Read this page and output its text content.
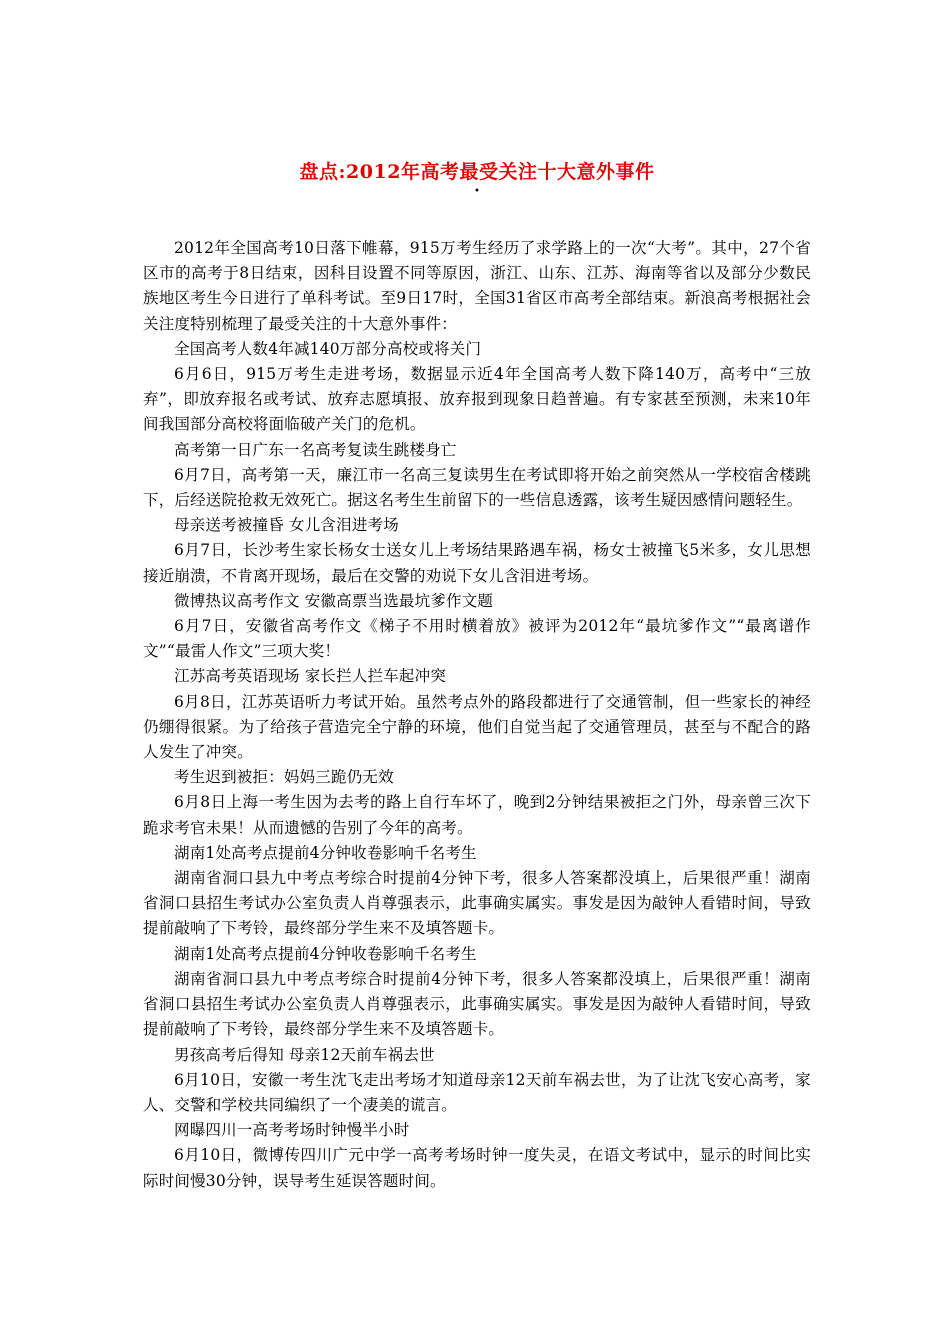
盘点:2012年高考最受关注十大意外事件
•

2012年全国高考10日落下帷幕，915万考生经历了求学路上的一次“大考”。其中，27个省区市的高考于8日结束，因科目设置不同等原因，浙江、山东、江苏、海南等省以及部分少数民族地区考生今日进行了单科考试。至9日17时，全国31省区市高考全部结束。新浪高考根据社会关注度特别梳理了最受关注的十大意外事件：

全国高考人数4年减140万部分高校或将关门

6月6日，915万考生走进考场，数据显示近4年全国高考人数下降140万，高考中“三放弃”，即放弃报名或考试、放弃志愿填报、放弃报到现象日趋普遍。有专家甚至预测，未来10年间我国部分高校将面临破产关门的危机。

高考第一日广东一名高考复读生跳楼身亡

6月7日，高考第一天，廉江市一名高三复读男生在考试即将开始之前突然从一学校宿舍楼跳下，后经送院抢救无效死亡。据这名考生生前留下的一些信息透露，该考生疑因感情问题轻生。

母亲送考被撞昏 女儿含泪进考场

6月7日，长沙考生家长杨女士送女儿上考场结果路遇车祸，杨女士被撞飞5米多，女儿思想接近崩溃，不肯离开现场，最后在交警的劝说下女儿含泪进考场。

微博热议高考作文 安徽高票当选最坑爹作文题

6月7日，安徽省高考作文《梯子不用时横着放》被评为2012年“最坑爹作文”“最离谱作文”“最雷人作文”三项大奖！

江苏高考英语现场 家长拦人拦车起冲突

6月8日，江苏英语听力考试开始。虽然考点外的路段都进行了交通管制，但一些家长的神经仍绷得很紧。为了给孩子营造完全宁静的环境，他们自觉当起了交通管理员，甚至与不配合的路人发生了冲突。

考生迟到被拒：妈妈三跪仍无效

6月8日上海一考生因为去考的路上自行车坏了，晚到2分钟结果被拒之门外，母亲曾三次下跪求考官未果！从而遗憾的告别了今年的高考。

湖南1处高考点提前4分钟收卷影响千名考生

湖南省洞口县九中考点考综合时提前4分钟下考，很多人答案都没填上，后果很严重！湖南省洞口县招生考试办公室负责人肖尊强表示，此事确实属实。事发是因为敲钟人看错时间，导致提前敲响了下考铃，最终部分学生来不及填答题卡。

湖南1处高考点提前4分钟收卷影响千名考生

湖南省洞口县九中考点考综合时提前4分钟下考，很多人答案都没填上，后果很严重！湖南省洞口县招生考试办公室负责人肖尊强表示，此事确实属实。事发是因为敲钟人看错时间，导致提前敲响了下考铃，最终部分学生来不及填答题卡。

男孩高考后得知 母亲12天前车祸去世

6月10日，安徽一考生沈飞走出考场才知道母亲12天前车祸去世，为了让沈飞安心高考，家人、交警和学校共同编织了一个凄美的谎言。

网曝四川一高考考场时钟慢半小时

6月10日，微博传四川广元中学一高考考场时钟一度失灵，在语文考试中，显示的时间比实际时间慢30分钟，误导考生延误答题时间。
